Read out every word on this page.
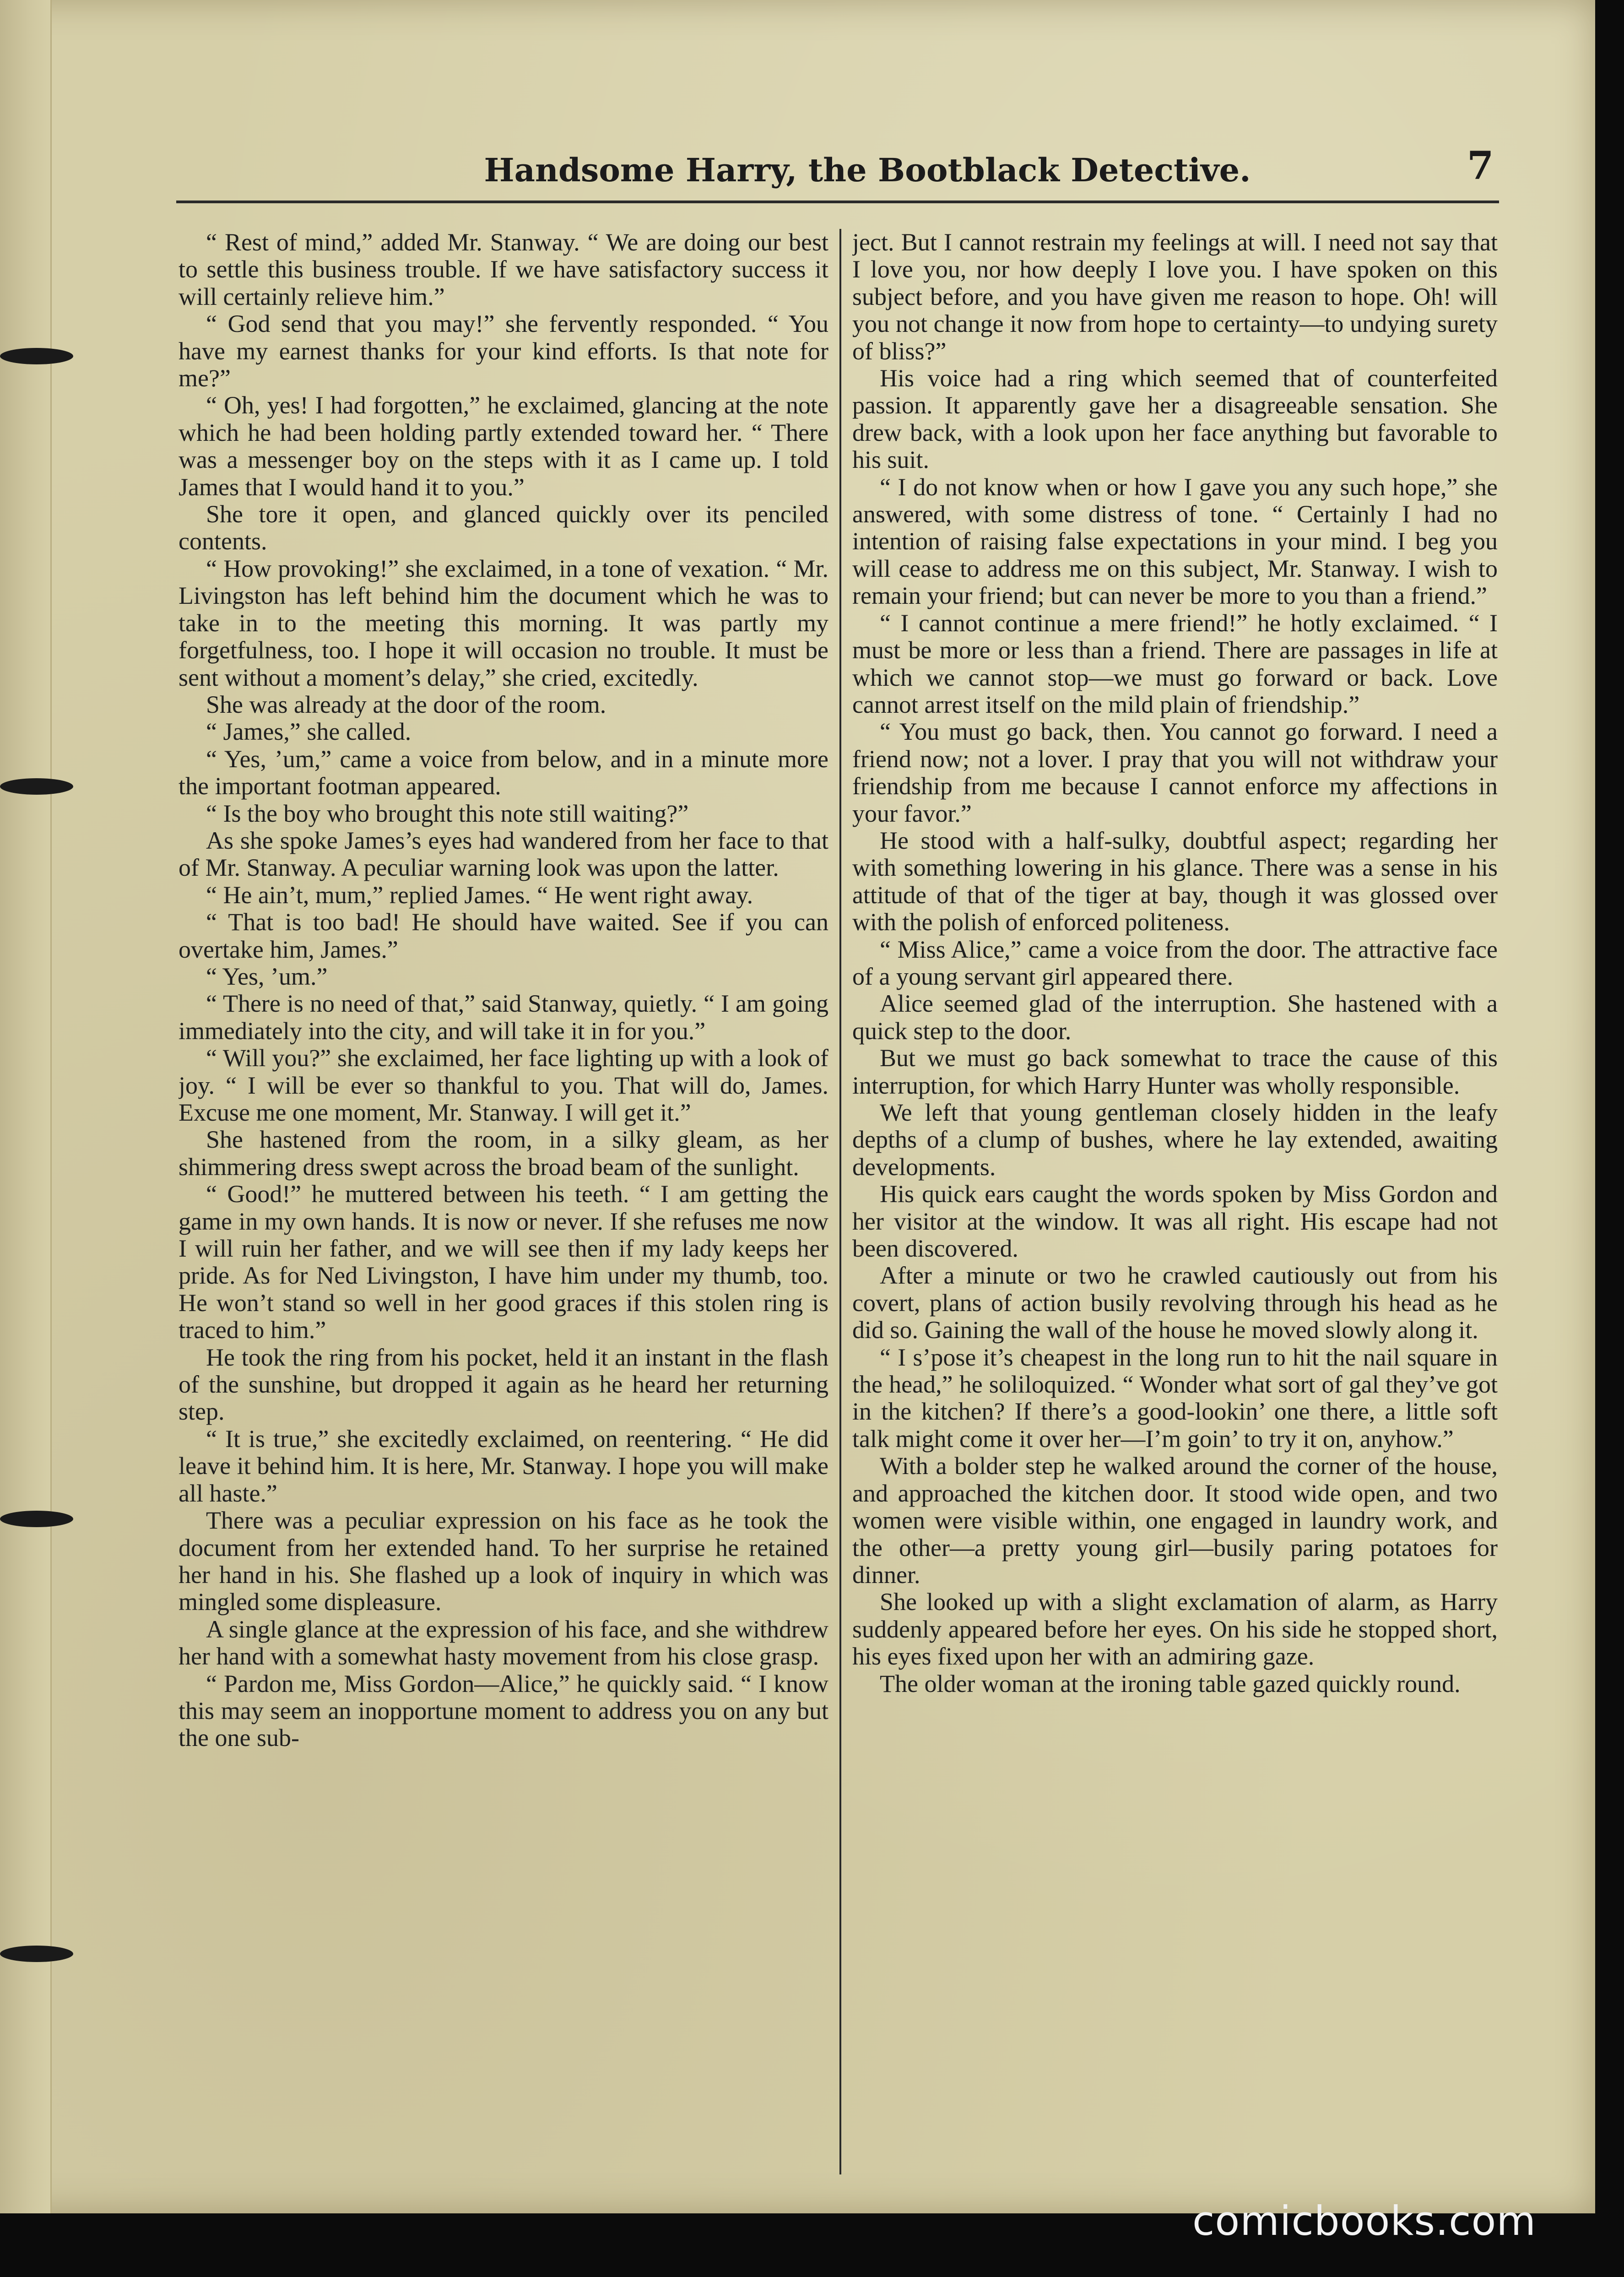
Handsome Harry, the Bootblack Detective.	7

“ Rest of mind,” added Mr. Stanway. “ We are doing our best to settle this business trouble. If we have satisfactory success it will certainly relieve him.”

“ God send that you may!” she fervently responded. “ You have my earnest thanks for your kind efforts. Is that note for me?”

“ Oh, yes! I had forgotten,” he exclaimed, glancing at the note which he had been holding partly extended toward her. “ There was a messenger boy on the steps with it as I came up. I told James that I would hand it to you.”

She tore it open, and glanced quickly over its penciled contents.

“ How provoking!” she exclaimed, in a tone of vexation. “ Mr. Livingston has left behind him the document which he was to take in to the meeting this morning. It was partly my forgetfulness, too. I hope it will occasion no trouble. It must be sent without a moment’s delay,” she cried, excitedly.

She was already at the door of the room.

“ James,” she called.

“ Yes, ’um,” came a voice from below, and in a minute more the important footman appeared.

“ Is the boy who brought this note still waiting?”

As she spoke James’s eyes had wandered from her face to that of Mr. Stanway. A peculiar warning look was upon the latter.

“ He ain’t, mum,” replied James. “ He went right away.

“ That is too bad! He should have waited. See if you can overtake him, James.”

“ Yes, ’um.”

“ There is no need of that,” said Stanway, quietly. “ I am going immediately into the city, and will take it in for you.”

“ Will you?” she exclaimed, her face lighting up with a look of joy. “ I will be ever so thankful to you. That will do, James. Excuse me one moment, Mr. Stanway. I will get it.”

She hastened from the room, in a silky gleam, as her shimmering dress swept across the broad beam of the sunlight.

“ Good!” he muttered between his teeth. “ I am getting the game in my own hands. It is now or never. If she refuses me now I will ruin her father, and we will see then if my lady keeps her pride. As for Ned Livingston, I have him under my thumb, too. He won’t stand so well in her good graces if this stolen ring is traced to him.”

He took the ring from his pocket, held it an instant in the flash of the sunshine, but dropped it again as he heard her returning step.

“ It is true,” she excitedly exclaimed, on reentering. “ He did leave it behind him. It is here, Mr. Stanway. I hope you will make all haste.”

There was a peculiar expression on his face as he took the document from her extended hand. To her surprise he retained her hand in his. She flashed up a look of inquiry in which was mingled some displeasure.

A single glance at the expression of his face, and she withdrew her hand with a somewhat hasty movement from his close grasp.

“ Pardon me, Miss Gordon—Alice,” he quickly said. “ I know this may seem an inopportune moment to address you on any but the one sub-

ject. But I cannot restrain my feelings at will. I need not say that I love you, nor how deeply I love you. I have spoken on this subject before, and you have given me reason to hope. Oh! will you not change it now from hope to certainty—to undying surety of bliss?”

His voice had a ring which seemed that of counterfeited passion. It apparently gave her a disagreeable sensation. She drew back, with a look upon her face anything but favorable to his suit.

“ I do not know when or how I gave you any such hope,” she answered, with some distress of tone. “ Certainly I had no intention of raising false expectations in your mind. I beg you will cease to address me on this subject, Mr. Stanway. I wish to remain your friend; but can never be more to you than a friend.”

“ I cannot continue a mere friend!” he hotly exclaimed. “ I must be more or less than a friend. There are passages in life at which we cannot stop—we must go forward or back. Love cannot arrest itself on the mild plain of friendship.”

“ You must go back, then. You cannot go forward. I need a friend now; not a lover. I pray that you will not withdraw your friendship from me because I cannot enforce my affections in your favor.”

He stood with a half-sulky, doubtful aspect; regarding her with something lowering in his glance. There was a sense in his attitude of that of the tiger at bay, though it was glossed over with the polish of enforced politeness.

“ Miss Alice,” came a voice from the door. The attractive face of a young servant girl appeared there.

Alice seemed glad of the interruption. She hastened with a quick step to the door.

But we must go back somewhat to trace the cause of this interruption, for which Harry Hunter was wholly responsible.

We left that young gentleman closely hidden in the leafy depths of a clump of bushes, where he lay extended, awaiting developments.

His quick ears caught the words spoken by Miss Gordon and her visitor at the window. It was all right. His escape had not been discovered.

After a minute or two he crawled cautiously out from his covert, plans of action busily revolving through his head as he did so. Gaining the wall of the house he moved slowly along it.

“ I s’pose it’s cheapest in the long run to hit the nail square in the head,” he soliloquized. “ Wonder what sort of gal they’ve got in the kitchen? If there’s a good-lookin’ one there, a little soft talk might come it over her—I’m goin’ to try it on, anyhow.”

With a bolder step he walked around the corner of the house, and approached the kitchen door. It stood wide open, and two women were visible within, one engaged in laundry work, and the other—a pretty young girl—busily paring potatoes for dinner.

She looked up with a slight exclamation of alarm, as Harry suddenly appeared before her eyes. On his side he stopped short, his eyes fixed upon her with an admiring gaze.

The older woman at the ironing table gazed quickly round.

comicbooks.com
